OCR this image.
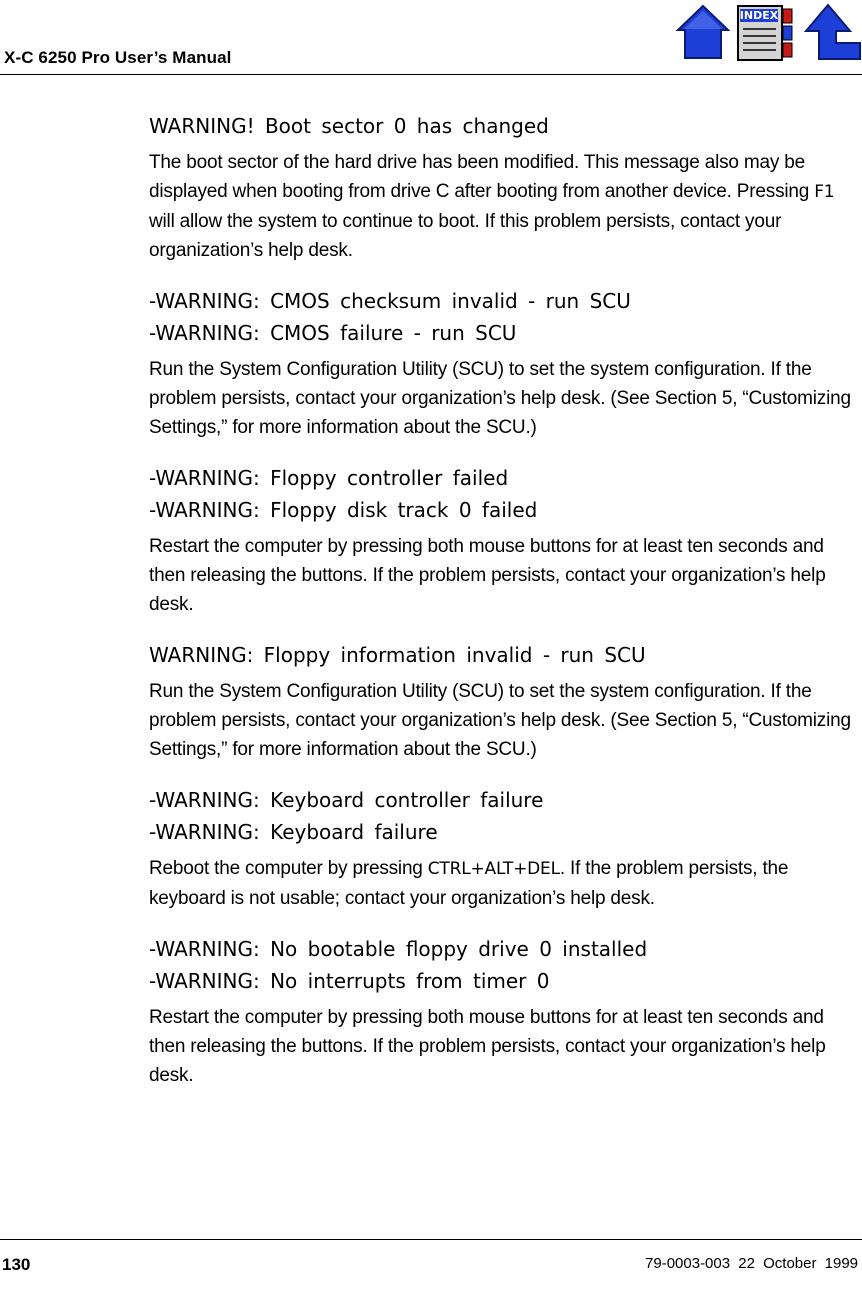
X-C 6250 Pro User’s Manual
INDEX

WARNING! Boot sector 0 has changed

The boot sector of the hard drive has been modified. This message also may be displayed when booting from drive C after booting from another device. Pressing F1 will allow the system to continue to boot. If this problem persists, contact your organization’s help desk.

-WARNING: CMOS checksum invalid - run SCU

-WARNING: CMOS failure - run SCU

Run the System Configuration Utility (SCU) to set the system configuration. If the problem persists, contact your organization’s help desk. (See Section 5, “Customizing Settings,” for more information about the SCU.)

-WARNING: Floppy controller failed

-WARNING: Floppy disk track 0 failed

Restart the computer by pressing both mouse buttons for at least ten seconds and then releasing the buttons. If the problem persists, contact your organization’s help desk.

WARNING: Floppy information invalid - run SCU

Run the System Configuration Utility (SCU) to set the system configuration. If the problem persists, contact your organization’s help desk. (See Section 5, “Customizing Settings,” for more information about the SCU.)

-WARNING: Keyboard controller failure

-WARNING: Keyboard failure

Reboot the computer by pressing CTRL+ALT+DEL. If the problem persists, the keyboard is not usable; contact your organization’s help desk.

-WARNING: No bootable floppy drive 0 installed

-WARNING: No interrupts from timer 0

Restart the computer by pressing both mouse buttons for at least ten seconds and then releasing the buttons. If the problem persists, contact your organization’s help desk.

130	79-0003-003 22 October 1999
